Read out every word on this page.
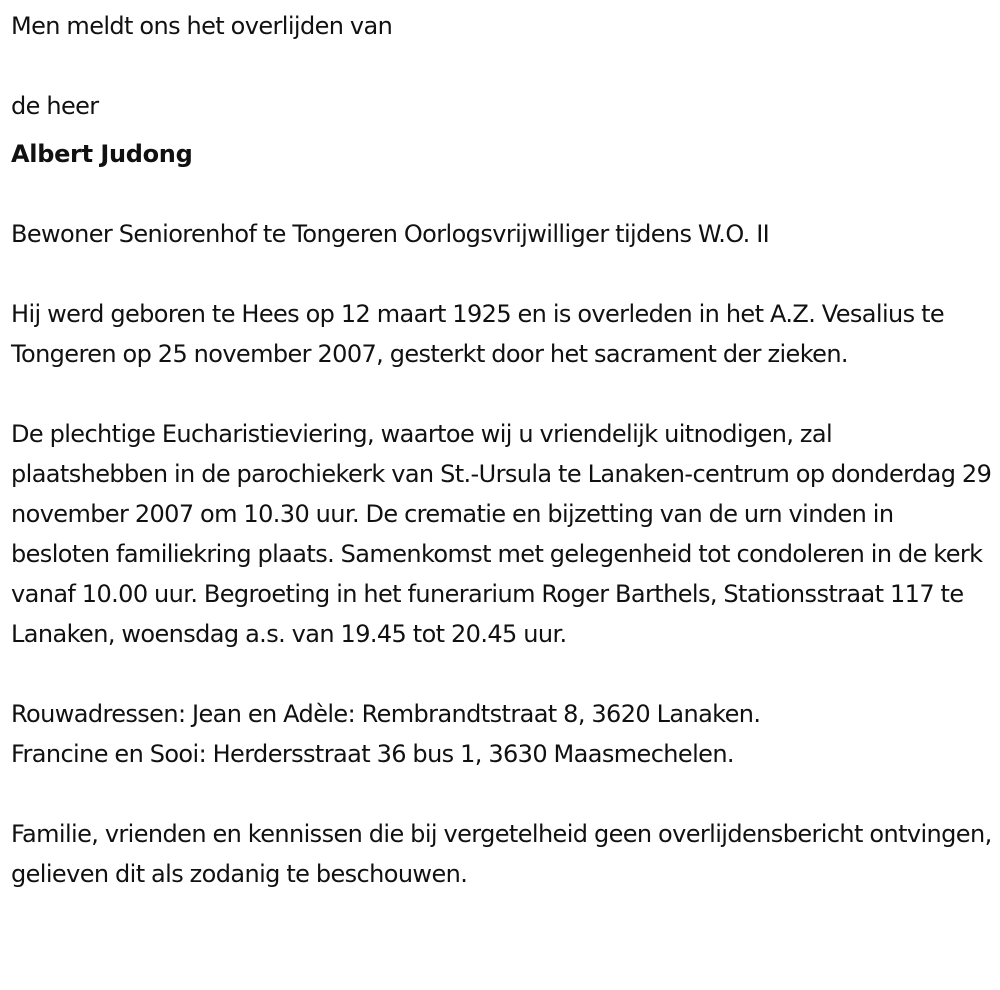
Men meldt ons het overlijden van

de heer

Albert Judong

Bewoner Seniorenhof te Tongeren Oorlogsvrijwilliger tijdens W.O. II

Hij werd geboren te Hees op 12 maart 1925 en is overleden in het A.Z. Vesalius te Tongeren op 25 november 2007, gesterkt door het sacrament der zieken.

De plechtige Eucharistieviering, waartoe wij u vriendelijk uitnodigen, zal plaatshebben in de parochiekerk van St.-Ursula te Lanaken-centrum op donderdag 29 november 2007 om 10.30 uur. De crematie en bijzetting van de urn vinden in besloten familiekring plaats. Samenkomst met gelegenheid tot condoleren in de kerk vanaf 10.00 uur. Begroeting in het funerarium Roger Barthels, Stationsstraat 117 te Lanaken, woensdag a.s. van 19.45 tot 20.45 uur.

Rouwadressen: Jean en Adèle: Rembrandtstraat 8, 3620 Lanaken.

Francine en Sooi: Herdersstraat 36 bus 1, 3630 Maasmechelen.

Familie, vrienden en kennissen die bij vergetelheid geen overlijdensbericht ontvingen, gelieven dit als zodanig te beschouwen.
